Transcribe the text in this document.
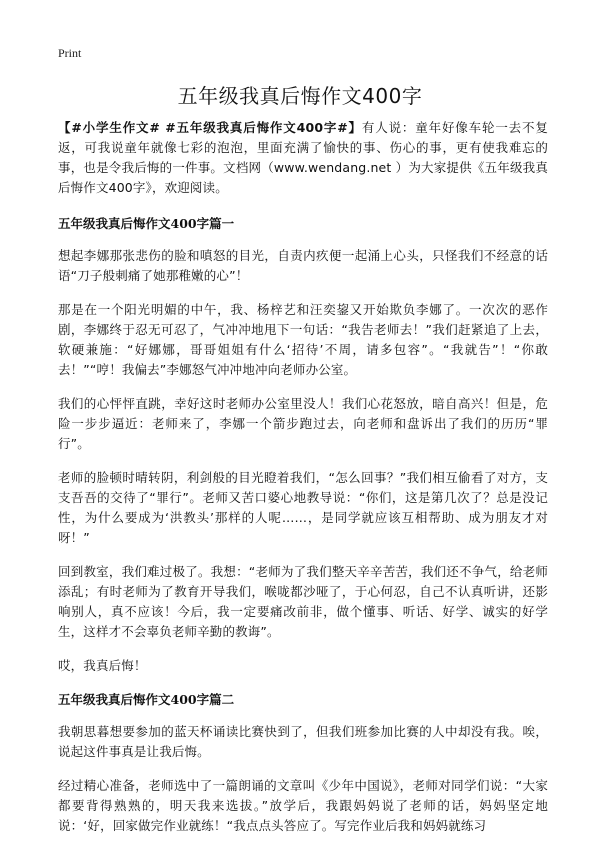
Print
五年级我真后悔作文400字

【#小学生作文# #五年级我真后悔作文400字#】有人说：童年好像车轮一去不复返，可我说童年就像七彩的泡泡，里面充满了愉快的事、伤心的事，更有使我难忘的事，也是令我后悔的一件事。文档网（www.wendang.net ）为大家提供《五年级我真后悔作文400字》，欢迎阅读。

五年级我真后悔作文400字篇一

想起李娜那张悲伤的脸和嗔怒的目光，自责内疚便一起涌上心头，只怪我们不经意的话语“刀子般刺痛了她那稚嫩的心”！

那是在一个阳光明媚的中午，我、杨梓艺和汪奕鋆又开始欺负李娜了。一次次的恶作剧，李娜终于忍无可忍了，气冲冲地甩下一句话：“我告老师去！”我们赶紧追了上去，软硬兼施：“好娜娜，哥哥姐姐有什么‘招待’不周，请多包容”。“我就告”！“你敢去！”“哼！我偏去”李娜怒气冲冲地冲向老师办公室。

我们的心怦怦直跳，幸好这时老师办公室里没人！我们心花怒放，暗自高兴！但是，危险一步步逼近：老师来了，李娜一个箭步跑过去，向老师和盘诉出了我们的历历“罪行”。

老师的脸顿时晴转阴，利剑般的目光瞪着我们，“怎么回事？”我们相互偷看了对方，支支吾吾的交待了“罪行”。老师又苦口婆心地教导说：“你们，这是第几次了？总是没记性，为什么要成为‘洪教头’那样的人呢……，是同学就应该互相帮助、成为朋友才对呀！”

回到教室，我们难过极了。我想：“老师为了我们整天辛辛苦苦，我们还不争气，给老师添乱；有时老师为了教育开导我们，喉咙都沙哑了，于心何忍，自己不认真听讲，还影响别人，真不应该！今后，我一定要痛改前非，做个懂事、听话、好学、诚实的好学生，这样才不会辜负老师辛勤的教诲”。

哎，我真后悔！

五年级我真后悔作文400字篇二

我朝思暮想要参加的蓝天杯诵读比赛快到了，但我们班参加比赛的人中却没有我。唉，说起这件事真是让我后悔。

经过精心准备，老师选中了一篇朗诵的文章叫《少年中国说》，老师对同学们说：“大家都要背得熟熟的，明天我来选拔。”放学后，我跟妈妈说了老师的话，妈妈坚定地说：‘好，回家做完作业就练！“我点点头答应了。写完作业后我和妈妈就练习
